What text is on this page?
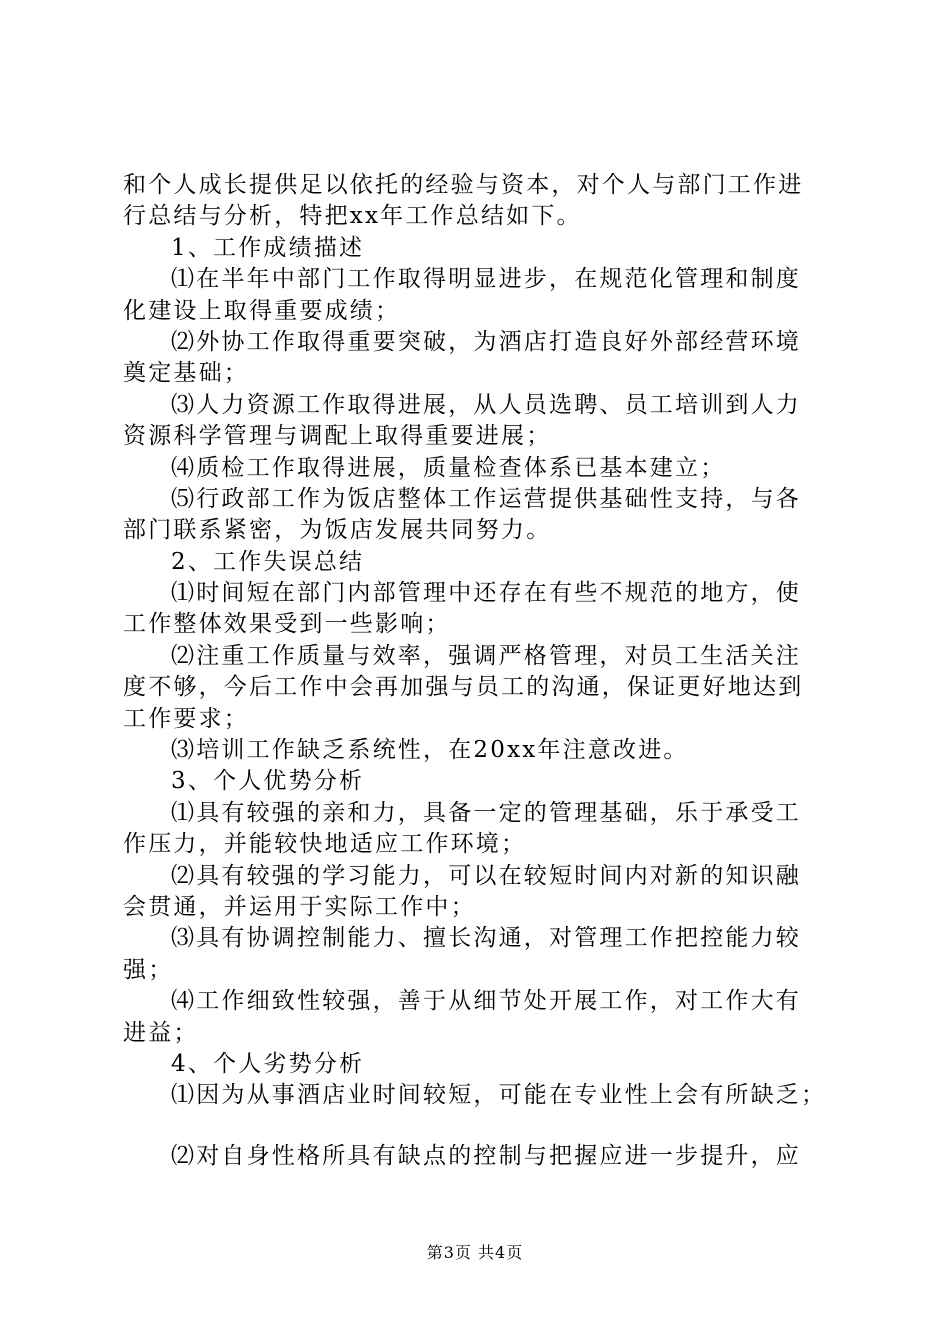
和个人成长提供足以依托的经验与资本，对个人与部门工作进
行总结与分析，特把xx年工作总结如下。
1、工作成绩描述
⑴在半年中部门工作取得明显进步，在规范化管理和制度
化建设上取得重要成绩；
⑵外协工作取得重要突破，为酒店打造良好外部经营环境
奠定基础；
⑶人力资源工作取得进展，从人员选聘、员工培训到人力
资源科学管理与调配上取得重要进展；
⑷质检工作取得进展，质量检查体系已基本建立；
⑸行政部工作为饭店整体工作运营提供基础性支持，与各
部门联系紧密，为饭店发展共同努力。
2、工作失误总结
⑴时间短在部门内部管理中还存在有些不规范的地方，使
工作整体效果受到一些影响；
⑵注重工作质量与效率，强调严格管理，对员工生活关注
度不够，今后工作中会再加强与员工的沟通，保证更好地达到
工作要求；
⑶培训工作缺乏系统性，在20xx年注意改进。
3、个人优势分析
⑴具有较强的亲和力，具备一定的管理基础，乐于承受工
作压力，并能较快地适应工作环境；
⑵具有较强的学习能力，可以在较短时间内对新的知识融
会贯通，并运用于实际工作中；
⑶具有协调控制能力、擅长沟通，对管理工作把控能力较
强；
⑷工作细致性较强，善于从细节处开展工作，对工作大有
进益；
4、个人劣势分析
⑴因为从事酒店业时间较短，可能在专业性上会有所缺乏；
⑵对自身性格所具有缺点的控制与把握应进一步提升，应
第3页 共4页
